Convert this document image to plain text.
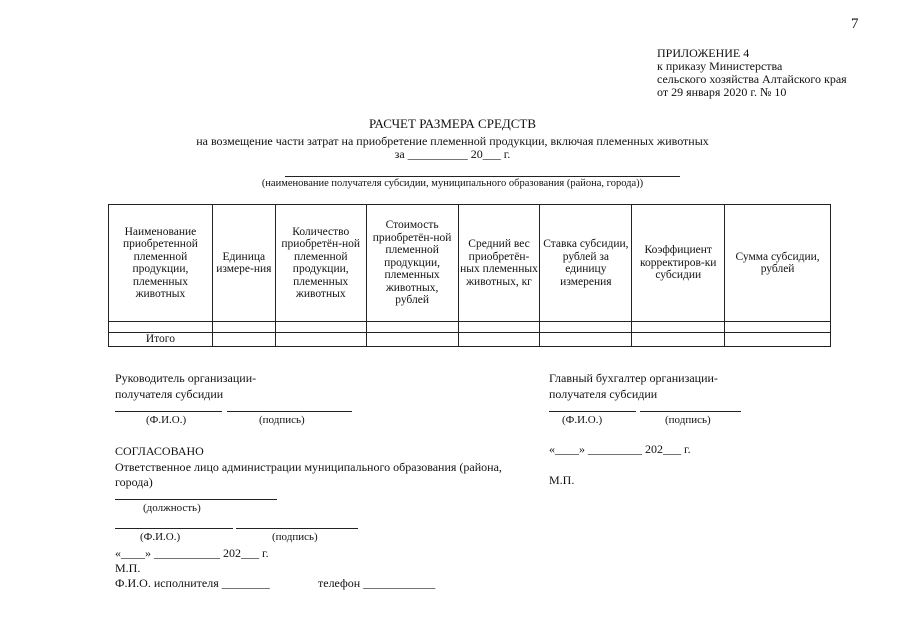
7
ПРИЛОЖЕНИЕ 4
к приказу Министерства
сельского хозяйства Алтайского края
от 29 января 2020 г. № 10
РАСЧЕТ РАЗМЕРА СРЕДСТВ
на возмещение части затрат на приобретение племенной продукции, включая племенных животных
за __________ 20___ г.
(наименование получателя субсидии, муниципального образования (района, города))
Наименование приобретенной племенной продукции, племенных животных	Единица измере-ния	Количество приобретён-ной племенной продукции, племенных животных	Стоимость приобретён-ной племенной продукции, племенных животных, рублей	Средний вес приобретён-ных племенных животных, кг	Ставка субсидии, рублей за единицу измерения	Коэффициент корректиров-ки субсидии	Сумма субсидии, рублей

Итого							
Руководитель организации-
получателя субсидии
(Ф.И.О.)	(подпись)
Главный бухгалтер организации-
получателя субсидии
(Ф.И.О.)	(подпись)
«____» _________ 202___ г.
М.П.
СОГЛАСОВАНО
Ответственное лицо администрации муниципального образования (района,
города)
(должность)
(Ф.И.О.)	(подпись)
«____» ___________ 202___ г.
М.П.
Ф.И.О. исполнителя ________	телефон ____________
